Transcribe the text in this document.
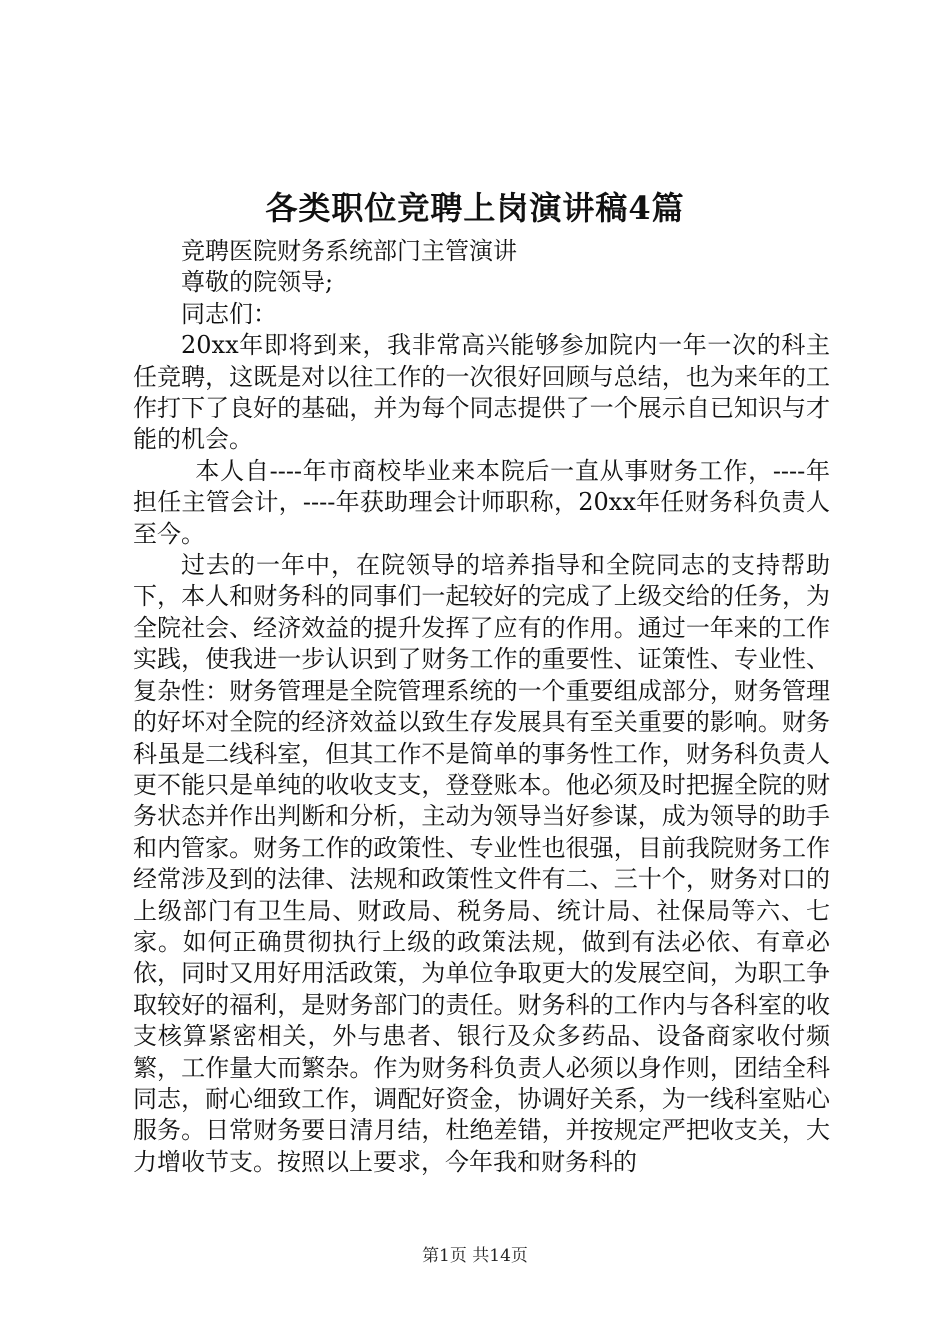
各类职位竞聘上岗演讲稿4篇

竞聘医院财务系统部门主管演讲

尊敬的院领导;

同志们：

20xx年即将到来，我非常高兴能够参加院内一年一次的科主任竞聘，这既是对以往工作的一次很好回顾与总结，也为来年的工作打下了良好的基础，并为每个同志提供了一个展示自已知识与才能的机会。

本人自----年市商校毕业来本院后一直从事财务工作，----年担任主管会计，----年获助理会计师职称，20xx年任财务科负责人至今。

过去的一年中，在院领导的培养指导和全院同志的支持帮助下，本人和财务科的同事们一起较好的完成了上级交给的任务，为全院社会、经济效益的提升发挥了应有的作用。通过一年来的工作实践，使我进一步认识到了财务工作的重要性、证策性、专业性、复杂性：财务管理是全院管理系统的一个重要组成部分，财务管理的好坏对全院的经济效益以致生存发展具有至关重要的影响。财务科虽是二线科室，但其工作不是简单的事务性工作，财务科负责人更不能只是单纯的收收支支，登登账本。他必须及时把握全院的财务状态并作出判断和分析，主动为领导当好参谋，成为领导的助手和内管家。财务工作的政策性、专业性也很强，目前我院财务工作经常涉及到的法律、法规和政策性文件有二、三十个，财务对口的上级部门有卫生局、财政局、税务局、统计局、社保局等六、七家。如何正确贯彻执行上级的政策法规，做到有法必依、有章必依，同时又用好用活政策，为单位争取更大的发展空间，为职工争取较好的福利，是财务部门的责任。财务科的工作内与各科室的收支核算紧密相关，外与患者、银行及众多药品、设备商家收付频繁，工作量大而繁杂。作为财务科负责人必须以身作则，团结全科同志，耐心细致工作，调配好资金，协调好关系，为一线科室贴心服务。日常财务要日清月结，杜绝差错，并按规定严把收支关，大力增收节支。按照以上要求，今年我和财务科的

第1页 共14页
